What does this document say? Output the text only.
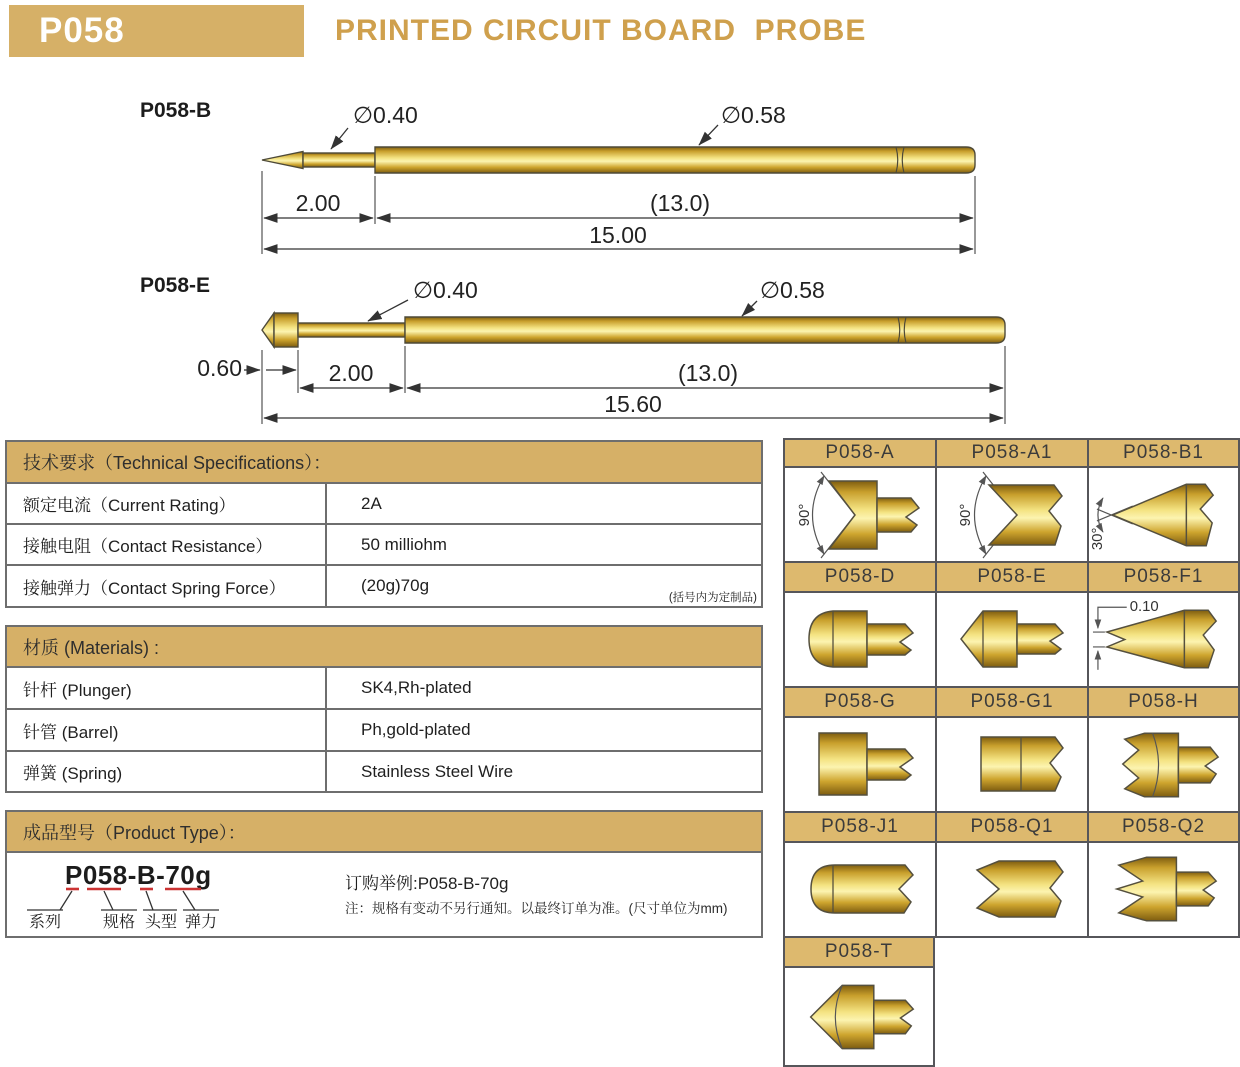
P058	PRINTED CIRCUIT BOARD  PROBE
P058-B	∅0.40	∅0.58
2.00	(13.0)
15.00
P058-E
0.60
∅0.40	∅0.58
2.00	(13.0)
15.60
技术要求（Technical Specifications）：
额定电流（Current Rating）	2A
接触电阻（Contact Resistance）	50 milliohm
接触弹力（Contact Spring Force）	(20g)70g
(括号内为定制品)
材质 (Materials) :
针杆 (Plunger)	SK4,Rh-plated
针管 (Barrel)	Ph,gold-plated
弹簧 (Spring)	Stainless Steel Wire
成品型号（Product Type）：
P058-B-70g
系列	规格 头型 弹力
订购举例:P058-B-70g
注：规格有变动不另行通知。以最终订单为准。(尺寸单位为mm)
P058-A	P058-A1	P058-B1
90°	90°
30°
P058-D	P058-E	P058-F1
0.10
P058-G	P058-G1	P058-H
P058-J1	P058-Q1	P058-Q2
P058-T
